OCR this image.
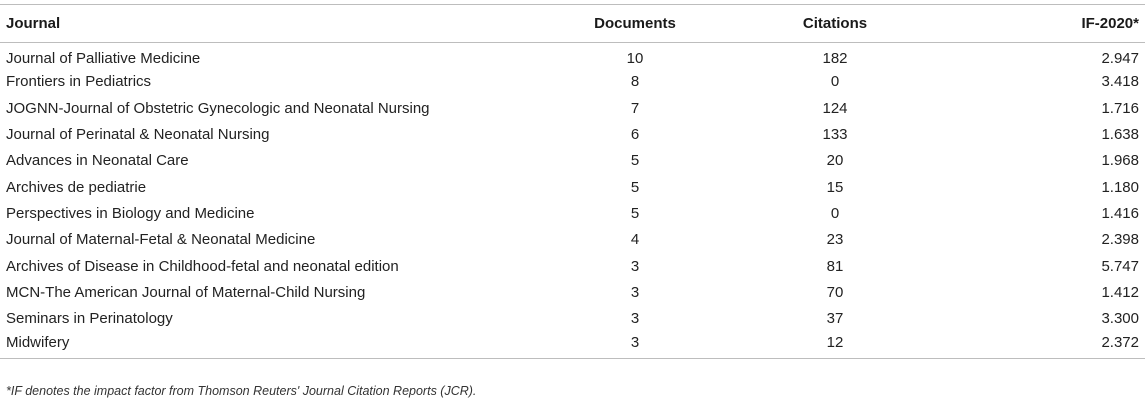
Journal	Documents	Citations	IF-2020*
Journal of Palliative Medicine	10	182	2.947
Frontiers in Pediatrics	8	0	3.418
JOGNN-Journal of Obstetric Gynecologic and Neonatal Nursing	7	124	1.716
Journal of Perinatal & Neonatal Nursing	6	133	1.638
Advances in Neonatal Care	5	20	1.968
Archives de pediatrie	5	15	1.180
Perspectives in Biology and Medicine	5	0	1.416
Journal of Maternal-Fetal & Neonatal Medicine	4	23	2.398
Archives of Disease in Childhood-fetal and neonatal edition	3	81	5.747
MCN-The American Journal of Maternal-Child Nursing	3	70	1.412
Seminars in Perinatology	3	37	3.300
Midwifery	3	12	2.372
*IF denotes the impact factor from Thomson Reuters' Journal Citation Reports (JCR).
